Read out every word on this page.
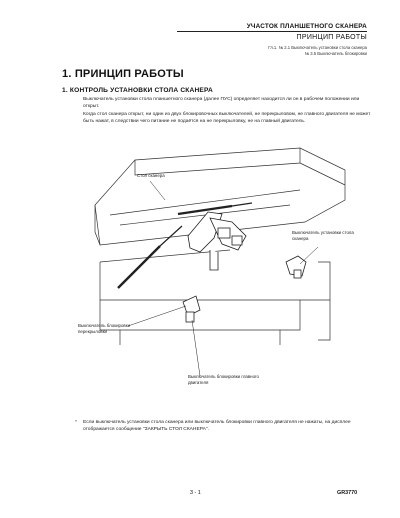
УЧАСТОК ПЛАНШЕТНОГО СКАНЕРА
ПРИНЦИП РАБОТЫ
Гл.1. № 2.1 Выключатель установки стола сканера
№ 3.5 Выключатель блокировки
1. ПРИНЦИП РАБОТЫ
1. КОНТРОЛЬ УСТАНОВКИ СТОЛА СКАНЕРА
Выключатель установки стола планшетного сканера (далее ПУС) определяет находится ли он в рабочем положении или открыт.
Когда стол сканера открыт, ни один из двух блокировочных выключателей, не перекрыловом, не главного двигателя не может быть нажат, в следствии чего питание не подаётся на не перекрыловку, не на главный двигатель.
Стол сканера
Выключатель установки стола сканера
Выключатель блокировки перекрыловки
Выключатель блокировки главного двигателя
* Если выключатель установки стола сканера или выключатель блокировки главного двигателя не нажаты, на дисплее отображается сообщение "ЗАКРЫТЬ СТОЛ СКАНЕРА".
3 - 1	GR3770
